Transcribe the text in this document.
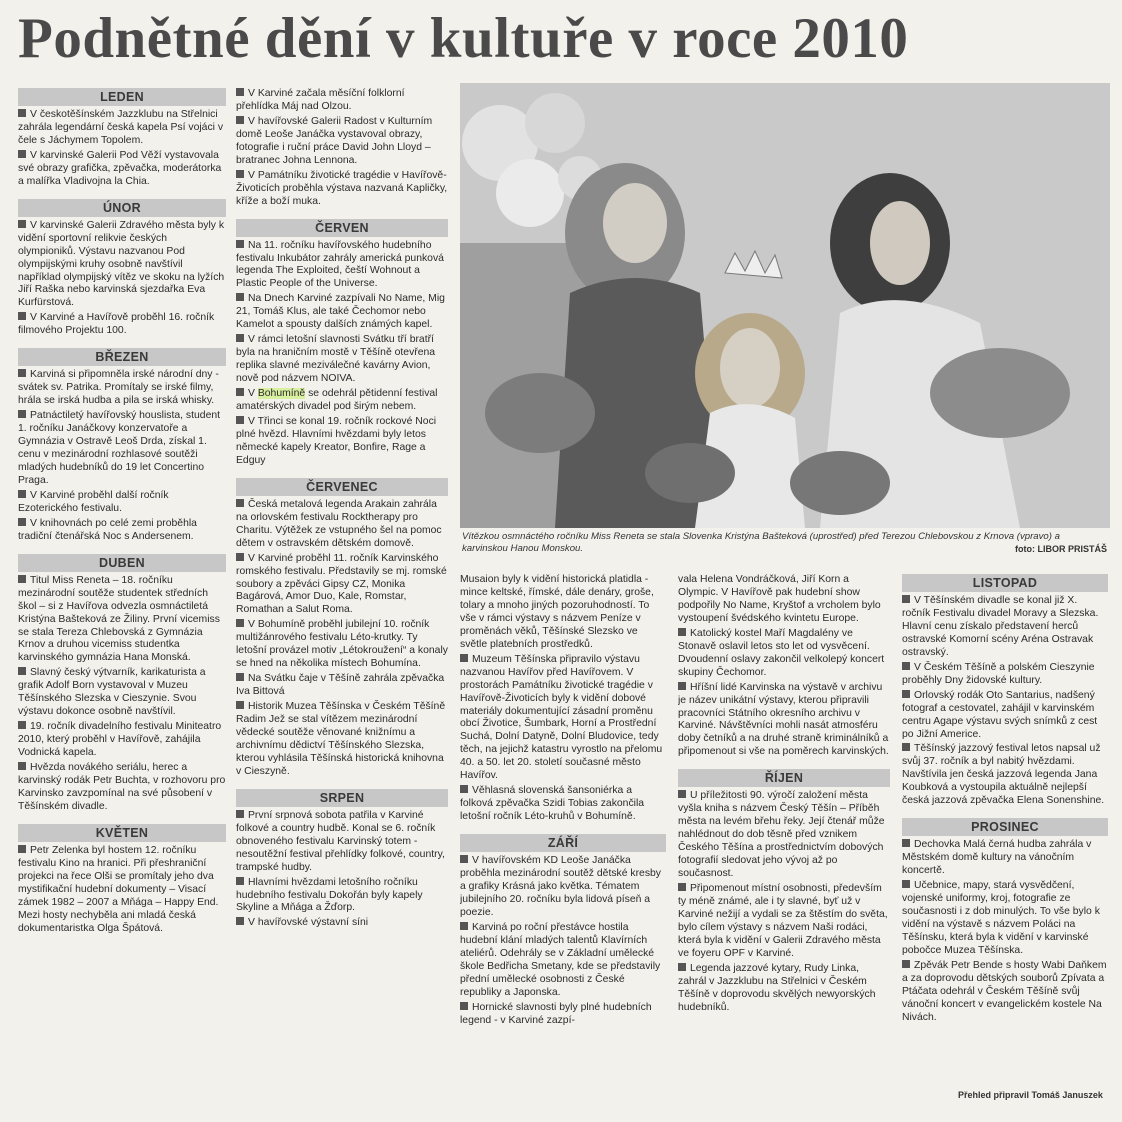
Podnětné dění v kultuře v roce 2010
LEDEN

V českotěšínském Jazzklubu na Střelnici zahrála legendární česká kapela Psí vojáci v čele s Jáchymem Topolem.

V karvinské Galerii Pod Věží vystavovala své obrazy grafička, zpěvačka, moderátorka a malířka Vladivojna la Chia.

ÚNOR

V karvinské Galerii Zdravého města byly k vidění sportovní relikvie českých olympioniků. Výstavu nazvanou Pod olympijskými kruhy osobně navštívil například olympijský vítěz ve skoku na lyžích Jiří Raška nebo karvinská sjezdařka Eva Kurfürstová.

V Karviné a Havířově proběhl 16. ročník filmového Projektu 100.

BŘEZEN

Karviná si připomněla irské národní dny - svátek sv. Patrika. Promítaly se irské filmy, hrála se irská hudba a pila se irská whisky.

Patnáctiletý havířovský houslista, student 1. ročníku Janáčkovy konzervatoře a Gymnázia v Ostravě Leoš Drda, získal 1. cenu v mezinárodní rozhlasové soutěži mladých hudebníků do 19 let Concertino Praga.

V Karviné proběhl další ročník Ezoterického festivalu.

V knihovnách po celé zemi proběhla tradiční čtenářská Noc s Andersenem.

DUBEN

Titul Miss Reneta – 18. ročníku mezinárodní soutěže studentek středních škol – si z Havířova odvezla osmnáctiletá Kristýna Bašteková ze Žiliny. První vicemiss se stala Tereza Chlebovská z Gymnázia Krnov a druhou vicemiss studentka karvinského gymnázia Hana Monská.

Slavný český výtvarník, karikaturista a grafik Adolf Born vystavoval v Muzeu Těšínského Slezska v Cieszynie. Svou výstavu dokonce osobně navštívil.

19. ročník divadelního festivalu Miniteatro 2010, který proběhl v Havířově, zahájila Vodnická kapela.

Hvězda novákého seriálu, herec a karvinský rodák Petr Buchta, v rozhovoru pro Karvinsko zavzpomínal na své působení v Těšínském divadle.

KVĚTEN

Petr Zelenka byl hostem 12. ročníku festivalu Kino na hranici. Při přeshraniční projekci na řece Olši se promítaly jeho dva mystifikační hudební dokumenty – Visací zámek 1982 – 2007 a Mňága – Happy End. Mezi hosty nechyběla ani mladá česká dokumentaristka Olga Špátová.

V Karviné začala měsíční folklorní přehlídka Máj nad Olzou.

V havířovské Galerii Radost v Kulturním domě Leoše Janáčka vystavoval obrazy, fotografie i ruční práce David John Lloyd – bratranec Johna Lennona.

V Památníku životické tragédie v Havířově-Životicích proběhla výstava nazvaná Kapličky, kříže a boží muka.

ČERVEN

Na 11. ročníku havířovského hudebního festivalu Inkubátor zahrály americká punková legenda The Exploited, čeští Wohnout a Plastic People of the Universe.

Na Dnech Karviné zazpívali No Name, Mig 21, Tomáš Klus, ale také Čechomor nebo Kamelot a spousty dalších známých kapel.

V rámci letošní slavnosti Svátku tří bratří byla na hraničním mostě v Těšíně otevřena replika slavné meziválečné kavárny Avion, nově pod názvem NOIVA.

V Bohumíně se odehrál pětidenní festival amatérských divadel pod širým nebem.

V Třinci se konal 19. ročník rockové Noci plné hvězd. Hlavními hvězdami byly letos německé kapely Kreator, Bonfire, Rage a Edguy

ČERVENEC

Česká metalová legenda Arakain zahrála na orlovském festivalu Rocktherapy pro Charitu. Výtěžek ze vstupného šel na pomoc dětem v ostravském dětském domově.

V Karviné proběhl 11. ročník Karvinského romského festivalu. Představily se mj. romské soubory a zpěváci Gipsy CZ, Monika Bagárová, Amor Duo, Kale, Romstar, Romathan a Salut Roma.

V Bohumíně proběhl jubilejní 10. ročník multižánrového festivalu Léto-krutky. Ty letošní provázel motiv „Létokroužení“ a konaly se hned na několika místech Bohumína.

Na Svátku čaje v Těšíně zahrála zpěvačka Iva Bittová

Historik Muzea Těšínska v Českém Těšíně Radim Jež se stal vítězem mezinárodní vědecké soutěže věnované knižnímu a archivnímu dědictví Těšínského Slezska, kterou vyhlásila Těšínská historická knihovna v Cieszyně.

SRPEN

První srpnová sobota patřila v Karviné folkové a country hudbě. Konal se 6. ročník obnoveného festivalu Karvinský totem - nesoutěžní festival přehlídky folkové, country, trampské hudby.

Hlavními hvězdami letošního ročníku hudebního festivalu Dokořán byly kapely Skyline a Mňága a Žďorp.

V havířovské výstavní síni

Vítězkou osmnáctého ročníku Miss Reneta se stala Slovenka Kristýna Bašteková (uprostřed) před Terezou Chlebovskou z Krnova (vpravo) a karvinskou Hanou Monskou.	foto: LIBOR PRISTÁŠ

Musaion byly k vidění historická platidla - mince keltské, římské, dále denáry, groše, tolary a mnoho jiných pozoruhodností. To vše v rámci výstavy s názvem Peníze v proměnách věků, Těšínské Slezsko ve světle platebních prostředků.

Muzeum Těšínska připravilo výstavu nazvanou Havířov před Havířovem. V prostorách Památníku životické tragédie v Havířově-Životicích byly k vidění dobové materiály dokumentující zásadní proměnu obcí Životice, Šumbark, Horní a Prostřední Suchá, Dolní Datyně, Dolní Bludovice, tedy těch, na jejichž katastru vyrostlo na přelomu 40. a 50. let 20. století současné město Havířov.

Věhlasná slovenská šansoniérka a folková zpěvačka Szidi Tobias zakončila letošní ročník Léto-kruhů v Bohumíně.

ZÁŘÍ

V havířovském KD Leoše Janáčka proběhla mezinárodní soutěž dětské kresby a grafiky Krásná jako květka. Tématem jubilejního 20. ročníku byla lidová píseň a poezie.

Karviná po roční přestávce hostila hudební klání mladých talentů Klavírních ateliérů. Odehrály se v Základní umělecké škole Bedřicha Smetany, kde se představily přední umělecké osobnosti z České republiky a Japonska.

Hornické slavnosti byly plné hudebních legend - v Karviné zazpí-

vala Helena Vondráčková, Jiří Korn a Olympic. V Havířově pak hudební show podpořily No Name, Kryštof a vrcholem bylo vystoupení švédského kvintetu Europe.

Katolický kostel Maří Magdalény ve Stonavě oslavil letos sto let od vysvěcení. Dvoudenní oslavy zakončil velkolepý koncert skupiny Čechomor.

Hříšní lidé Karvinska na výstavě v archivu je název unikátní výstavy, kterou připravili pracovníci Státního okresního archivu v Karviné. Návštěvníci mohli nasát atmosféru doby četníků a na druhé straně kriminálníků a připomenout si vše na poměrech karvinských.

ŘÍJEN

U příležitosti 90. výročí založení města vyšla kniha s názvem Český Těšín – Příběh města na levém břehu řeky. Její čtenář může nahlédnout do dob těsně před vznikem Českého Těšína a prostřednictvím dobových fotografií sledovat jeho vývoj až po současnost.

Připomenout místní osobnosti, především ty méně známé, ale i ty slavné, byť už v Karviné nežijí a vydali se za štěstím do světa, bylo cílem výstavy s názvem Naši rodáci, která byla k vidění v Galerii Zdravého města ve foyeru OPF v Karviné.

Legenda jazzové kytary, Rudy Linka, zahrál v Jazzklubu na Střelnici v Českém Těšíně v doprovodu skvělých newyorských hudebníků.

LISTOPAD

V Těšínském divadle se konal již X. ročník Festivalu divadel Moravy a Slezska. Hlavní cenu získalo představení herců ostravské Komorní scény Aréna Ostravak ostravský.

V Českém Těšíně a polském Cieszynie proběhly Dny židovské kultury.

Orlovský rodák Oto Santarius, nadšený fotograf a cestovatel, zahájil v karvinském centru Agape výstavu svých snímků z cest po Jižní Americe.

Těšínský jazzový festival letos napsal už svůj 37. ročník a byl nabitý hvězdami. Navštívila jen česká jazzová legenda Jana Koubková a vystoupila aktuálně nejlepší česká jazzová zpěvačka Elena Sonenshine.

PROSINEC

Dechovka Malá černá hudba zahrála v Městském domě kultury na vánočním koncertě.

Učebnice, mapy, stará vysvědčení, vojenské uniformy, kroj, fotografie ze současnosti i z dob minulých. To vše bylo k vidění na výstavě s názvem Poláci na Těšínsku, která byla k vidění v karvinské pobočce Muzea Těšínska.

Zpěvák Petr Bende s hosty Wabi Daňkem a za doprovodu dětských souborů Zpívata a Ptáčata odehrál v Českém Těšíně svůj vánoční koncert v evangelickém kostele Na Nivách.

Přehled připravil Tomáš Januszek
